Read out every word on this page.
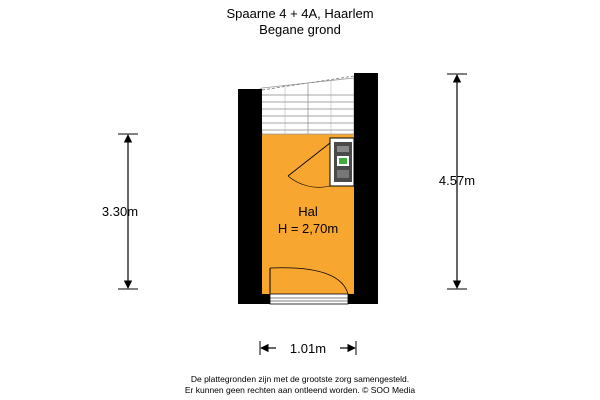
Spaarne 4 + 4A, Haarlem
Begane grond
Hal
H = 2,70m
3.30m
4.57m
1.01m
De plattegronden zijn met de grootste zorg samengesteld.
Er kunnen geen rechten aan ontleend worden. © SOO Media
